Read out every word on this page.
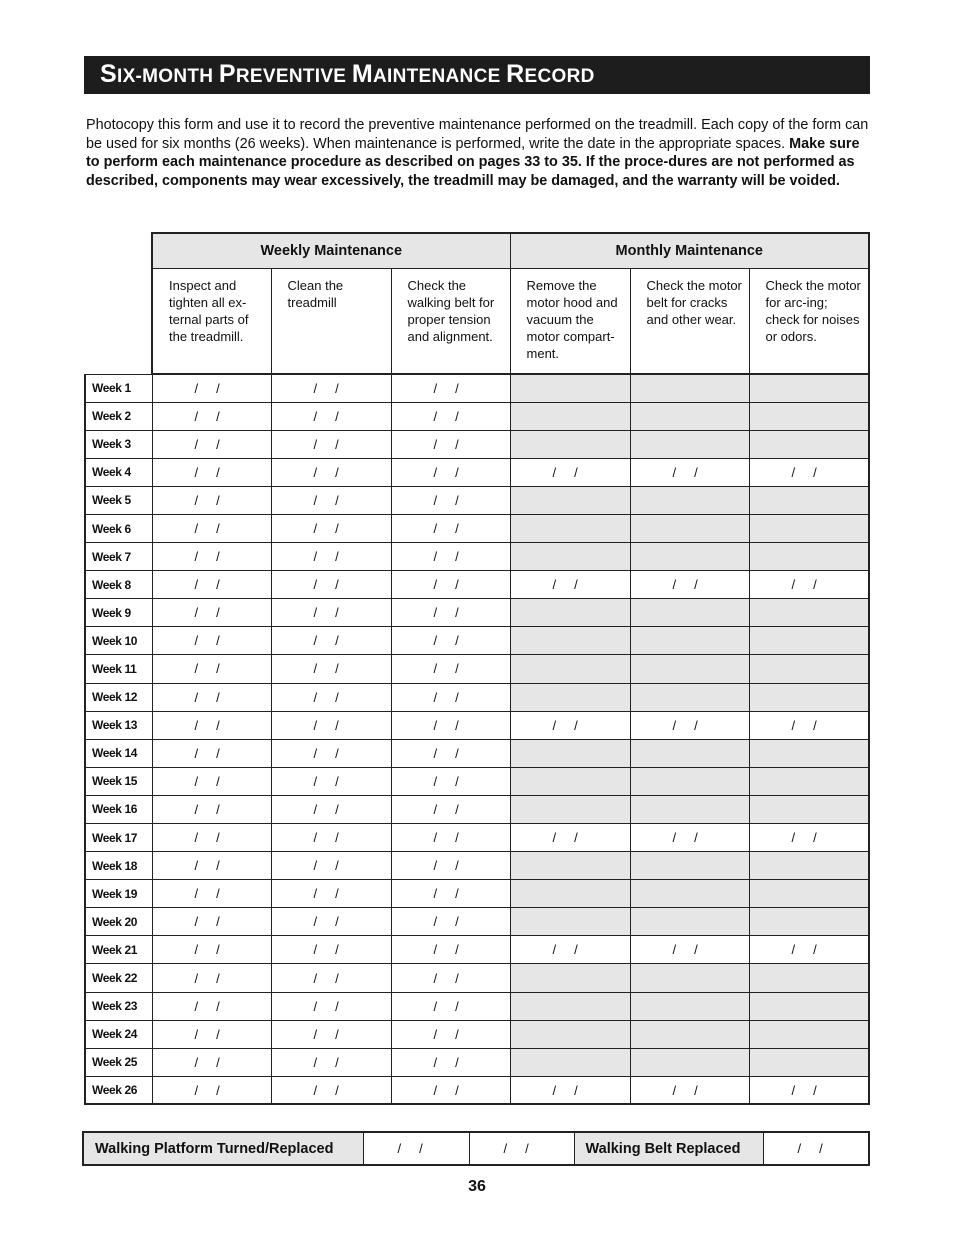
SIX-MONTH PREVENTIVE MAINTENANCE RECORD

Photocopy this form and use it to record the preventive maintenance performed on the treadmill. Each copy of the form can be used for six months (26 weeks). When maintenance is performed, write the date in the appropriate spaces. Make sure to perform each maintenance procedure as described on pages 33 to 35. If the proce-dures are not performed as described, components may wear excessively, the treadmill may be damaged, and the warranty will be voided.

	Weekly Maintenance			Monthly Maintenance		
	Inspect and tighten all ex-ternal parts of the treadmill.	Clean the treadmill	Check the walking belt for proper tension and alignment.	Remove the motor hood and vacuum the motor compart-ment.	Check the motor belt for cracks and other wear.	Check the motor for arc-ing; check for noises or odors.
Week 1	/     /	/     /	/     /			
Week 2	/     /	/     /	/     /			
Week 3	/     /	/     /	/     /			
Week 4	/     /	/     /	/     /	/     /	/     /	/     /
Week 5	/     /	/     /	/     /			
Week 6	/     /	/     /	/     /			
Week 7	/     /	/     /	/     /			
Week 8	/     /	/     /	/     /	/     /	/     /	/     /
Week 9	/     /	/     /	/     /			
Week 10	/     /	/     /	/     /			
Week 11	/     /	/     /	/     /			
Week 12	/     /	/     /	/     /			
Week 13	/     /	/     /	/     /	/     /	/     /	/     /
Week 14	/     /	/     /	/     /			
Week 15	/     /	/     /	/     /			
Week 16	/     /	/     /	/     /			
Week 17	/     /	/     /	/     /	/     /	/     /	/     /
Week 18	/     /	/     /	/     /			
Week 19	/     /	/     /	/     /			
Week 20	/     /	/     /	/     /			
Week 21	/     /	/     /	/     /	/     /	/     /	/     /
Week 22	/     /	/     /	/     /			
Week 23	/     /	/     /	/     /			
Week 24	/     /	/     /	/     /			
Week 25	/     /	/     /	/     /			
Week 26	/     /	/     /	/     /	/     /	/     /	/     /
Walking Platform Turned/Replaced	/     /	/     /	Walking Belt Replaced	/     /
36
